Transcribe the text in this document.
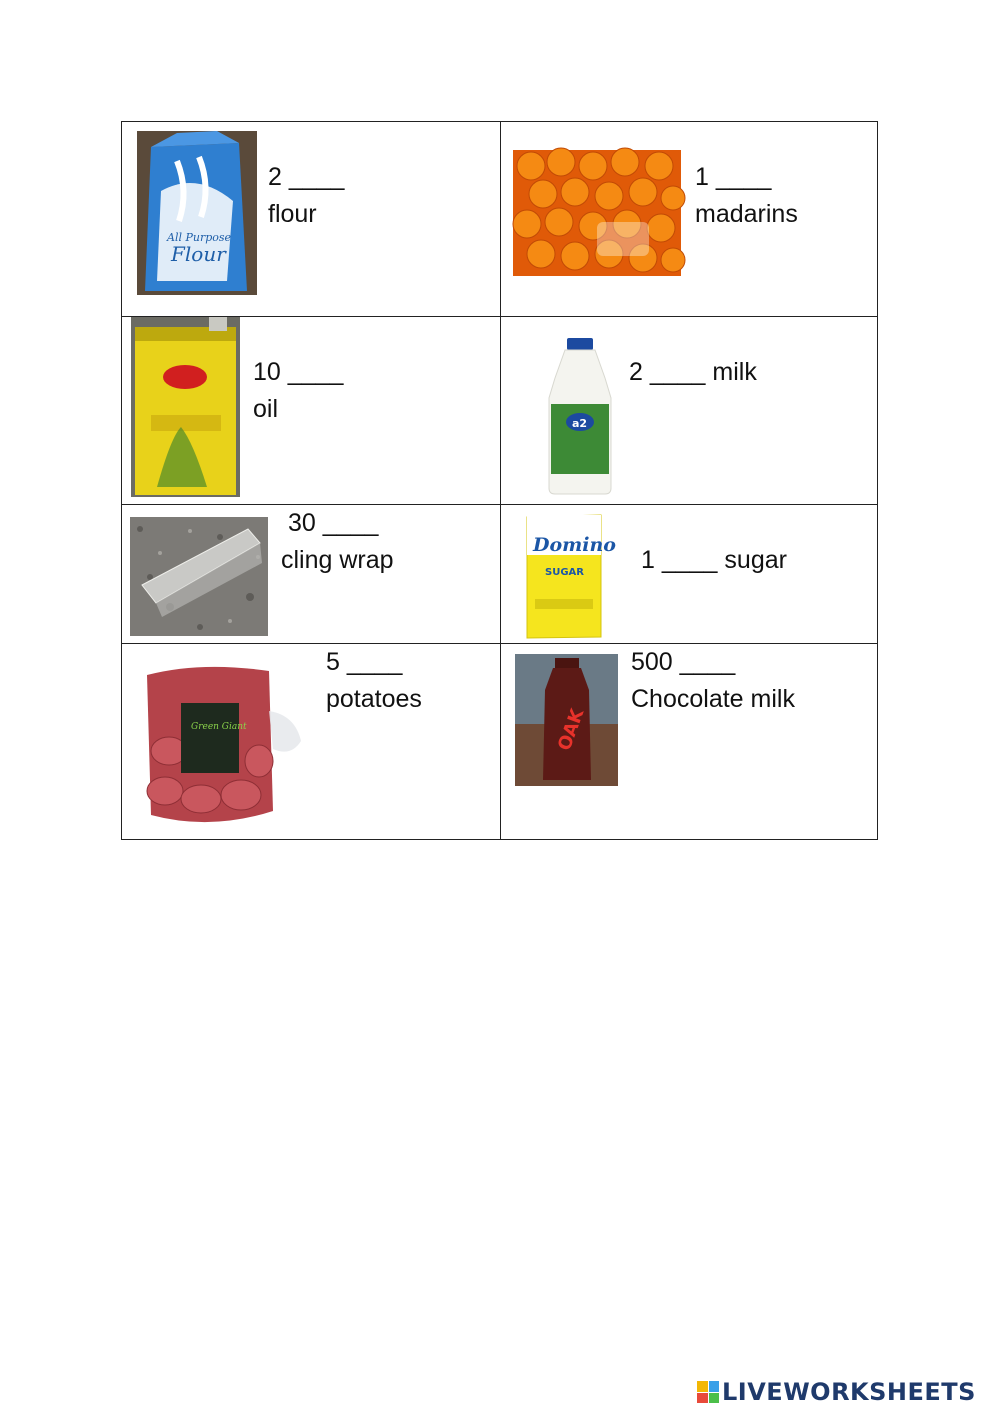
All Purpose
Flour
2 ____
flour
1 ____
madarins
10 ____
oil
a2
2 ____ milk
30 ____
cling wrap
Domino
SUGAR 1 ____ sugar
Green Giant
5 ____
potatoes
OAK
500 ____
Chocolate milk
LIVEWORKSHEETS
